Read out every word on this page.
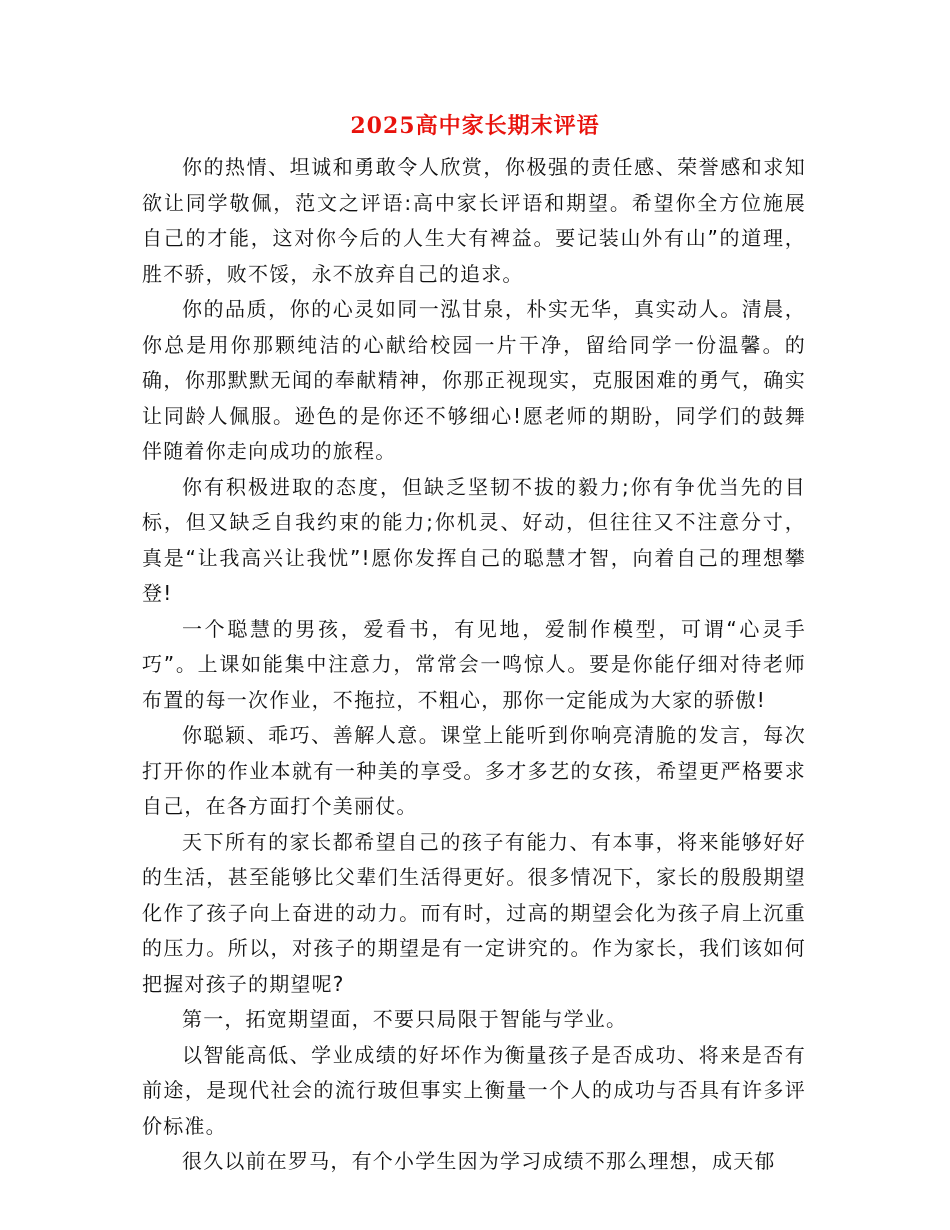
2025高中家长期末评语

你的热情、坦诚和勇敢令人欣赏，你极强的责任感、荣誉感和求知欲让同学敬佩，范文之评语:高中家长评语和期望。希望你全方位施展自己的才能，这对你今后的人生大有裨益。要记装山外有山”的道理，胜不骄，败不馁，永不放弃自己的追求。

你的品质，你的心灵如同一泓甘泉，朴实无华，真实动人。清晨，你总是用你那颗纯洁的心献给校园一片干净，留给同学一份温馨。的确，你那默默无闻的奉献精神，你那正视现实，克服困难的勇气，确实让同龄人佩服。逊色的是你还不够细心!愿老师的期盼，同学们的鼓舞伴随着你走向成功的旅程。

你有积极进取的态度，但缺乏坚韧不拔的毅力;你有争优当先的目标，但又缺乏自我约束的能力;你机灵、好动，但往往又不注意分寸，真是“让我高兴让我忧”!愿你发挥自己的聪慧才智，向着自己的理想攀登!

一个聪慧的男孩，爱看书，有见地，爱制作模型，可谓“心灵手巧”。上课如能集中注意力，常常会一鸣惊人。要是你能仔细对待老师布置的每一次作业，不拖拉，不粗心，那你一定能成为大家的骄傲!

你聪颖、乖巧、善解人意。课堂上能听到你响亮清脆的发言，每次打开你的作业本就有一种美的享受。多才多艺的女孩，希望更严格要求自己，在各方面打个美丽仗。

天下所有的家长都希望自己的孩子有能力、有本事，将来能够好好的生活，甚至能够比父辈们生活得更好。很多情况下，家长的殷殷期望化作了孩子向上奋进的动力。而有时，过高的期望会化为孩子肩上沉重的压力。所以，对孩子的期望是有一定讲究的。作为家长，我们该如何把握对孩子的期望呢?

第一，拓宽期望面，不要只局限于智能与学业。

以智能高低、学业成绩的好坏作为衡量孩子是否成功、将来是否有前途，是现代社会的流行玻但事实上衡量一个人的成功与否具有许多评价标准。

很久以前在罗马，有个小学生因为学习成绩不那么理想，成天郁
